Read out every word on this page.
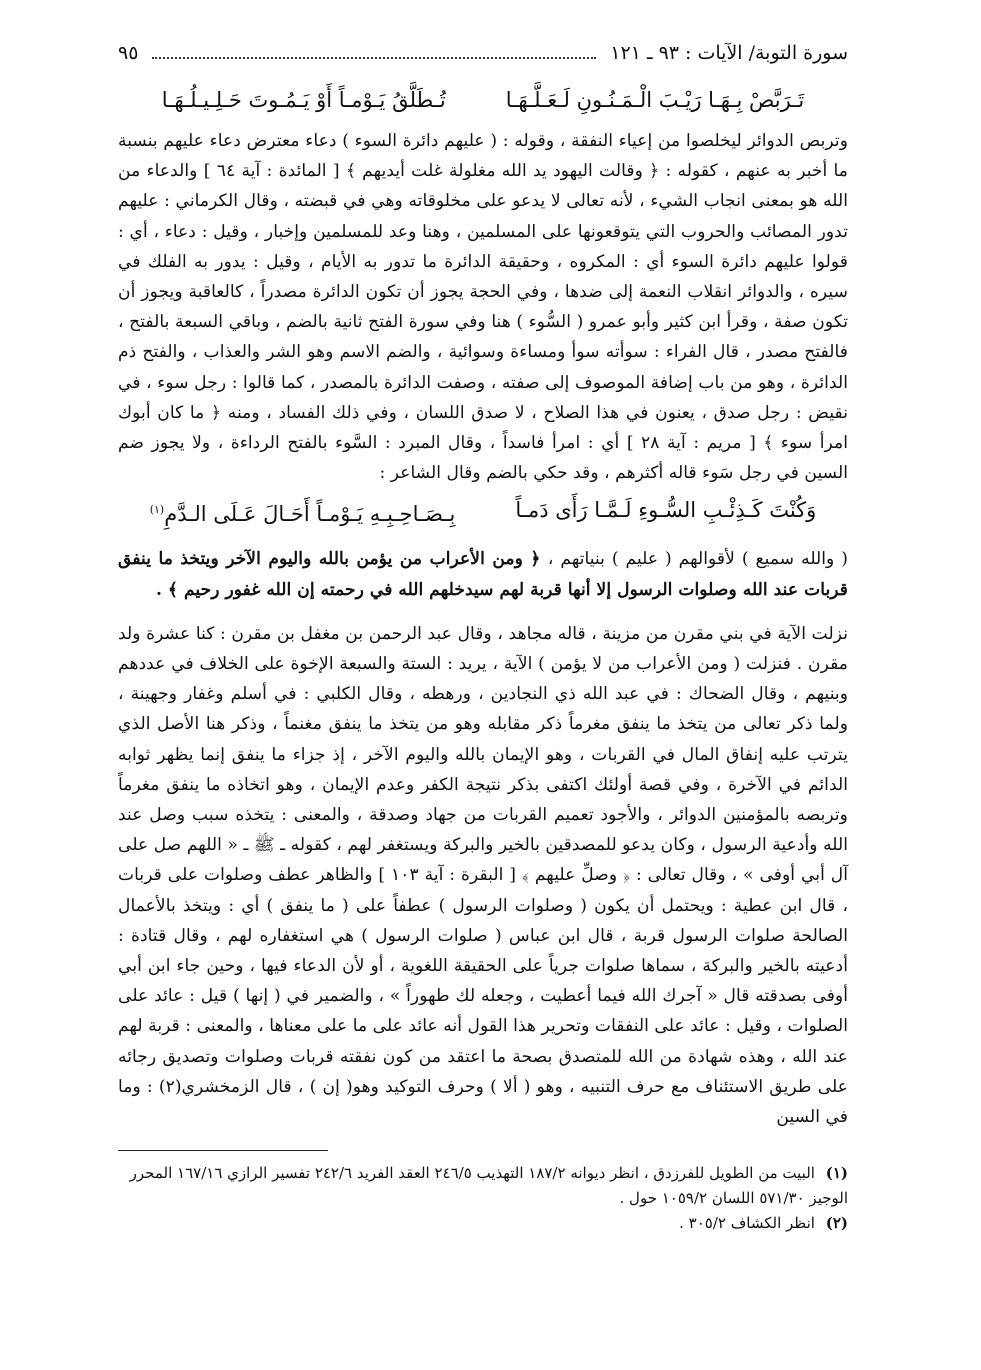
سورة التوبة/ الآيات : ٩٣ ـ ١٢١
٩٥
تَـرَبَّصْ بِـهَـا رَيْـبَ الْـمَـنُـونِ لَـعَـلَّـهَـا
تُـطَلَّقُ يَـوْمـاً أَوْ يَـمُـوتَ حَـلِـيـلُـهَـا

وتربص الدوائر ليخلصوا من إعياء النفقة ، وقوله : ( عليهم دائرة السوء ) دعاء معترض دعاء عليهم بنسبة ما أخبر به عنهم ، كقوله : ﴿ وقالت اليهود يد الله مغلولة غلت أيديهم ﴾ [ المائدة : آية ٦٤ ] والدعاء من الله هو بمعنى انجاب الشيء ، لأنه تعالى لا يدعو على مخلوقاته وهي في قبضته ، وقال الكرماني : عليهم تدور المصائب والحروب التي يتوقعونها على المسلمين ، وهنا وعد للمسلمين وإخبار ، وقيل : دعاء ، أي : قولوا عليهم دائرة السوء أي : المكروه ، وحقيقة الدائرة ما تدور به الأيام ، وقيل : يدور به الفلك في سيره ، والدوائر انقلاب النعمة إلى ضدها ، وفي الحجة يجوز أن تكون الدائرة مصدراً ، كالعاقبة ويجوز أن تكون صفة ، وقرأ ابن كثير وأبو عمرو ( السُّوء ) هنا وفي سورة الفتح ثانية بالضم ، وباقي السبعة بالفتح ، فالفتح مصدر ، قال الفراء : سوأته سوأ ومساءة وسوائية ، والضم الاسم وهو الشر والعذاب ، والفتح ذم الدائرة ، وهو من باب إضافة الموصوف إلى صفته ، وصفت الدائرة بالمصدر ، كما قالوا : رجل سوء ، في نقيض : رجل صدق ، يعنون في هذا الصلاح ، لا صدق اللسان ، وفي ذلك الفساد ، ومنه ﴿ ما كان أبوك امرأ سوء ﴾ [ مريم : آية ٢٨ ] أي : امرأ فاسداً ، وقال المبرد : السَّوء بالفتح الرداءة ، ولا يجوز ضم السين في رجل سَوء قاله أكثرهم ، وقد حكي بالضم وقال الشاعر :

وَكُنْتَ كَـذِئْـبِ السُّـوءِ لَـمَّـا رَأَى دَمـاً
بِـصَـاحِـبِـهِ يَـوْمـاً أَحَـالَ عَـلَى الـدَّمِ$^{(١)}$
( والله سميع ) لأقوالهم ( عليم ) بنياتهم ، ﴿ ومن الأعراب من يؤمن بالله واليوم الآخر ويتخذ ما ينفق قربات عند الله وصلوات الرسول إلا أنها قربة لهم سيدخلهم الله في رحمته إن الله غفور رحيم ﴾ .

نزلت الآية في بني مقرن من مزينة ، قاله مجاهد ، وقال عبد الرحمن بن مغفل بن مقرن : كنا عشرة ولد مقرن . فنزلت ( ومن الأعراب من لا يؤمن ) الآية ، يريد : الستة والسبعة الإخوة على الخلاف في عددهم وبنيهم ، وقال الضحاك : في عبد الله ذي النجادين ، ورهطه ، وقال الكلبي : في أسلم وغفار وجهينة ، ولما ذكر تعالى من يتخذ ما ينفق مغرماً ذكر مقابله وهو من يتخذ ما ينفق مغنماً ، وذكر هنا الأصل الذي يترتب عليه إنفاق المال في القربات ، وهو الإيمان بالله واليوم الآخر ، إذ جزاء ما ينفق إنما يظهر ثوابه الدائم في الآخرة ، وفي قصة أولئك اكتفى بذكر نتيجة الكفر وعدم الإيمان ، وهو اتخاذه ما ينفق مغرماً وتربصه بالمؤمنين الدوائر ، والأجود تعميم القربات من جهاد وصدقة ، والمعنى : يتخذه سبب وصل عند الله وأدعية الرسول ، وكان يدعو للمصدقين بالخير والبركة ويستغفر لهم ، كقوله ـ ﷺ ـ « اللهم صل على آل أبي أوفى » ، وقال تعالى : ﴿ وصلِّ عليهم ﴾ [ البقرة : آية ١٠٣ ] والظاهر عطف وصلوات على قربات ، قال ابن عطية : ويحتمل أن يكون ( وصلوات الرسول ) عطفاً على ( ما ينفق ) أي : ويتخذ بالأعمال الصالحة صلوات الرسول قربة ، قال ابن عباس ( صلوات الرسول ) هي استغفاره لهم ، وقال قتادة : أدعيته بالخير والبركة ، سماها صلوات جرياً على الحقيقة اللغوية ، أو لأن الدعاء فيها ، وحين جاء ابن أبي أوفى بصدقته قال « آجرك الله فيما أعطيت ، وجعله لك طهوراً » ، والضمير في ( إنها ) قيل : عائد على الصلوات ، وقيل : عائد على النفقات وتحرير هذا القول أنه عائد على ما على معناها ، والمعنى : قربة لهم عند الله ، وهذه شهادة من الله للمتصدق بصحة ما اعتقد من كون نفقته قربات وصلوات وتصديق رجائه على طريق الاستئناف مع حرف التنبيه ، وهو ( ألا ) وحرف التوكيد وهو( إن ) ، قال الزمخشري(٢) : وما في السين

(١) البيت من الطويل للفرزدق ، انظر ديوانه ١٨٧/٢ التهذيب ٢٤٦/٥ العقد الفريد ٢٤٢/٦ تفسير الرازي ١٦٧/١٦ المحرر الوجيز ٥٧١/٣٠ اللسان ١٠٥٩/٢ حول .

(٢) انظر الكشاف ٣٠٥/٢ .
